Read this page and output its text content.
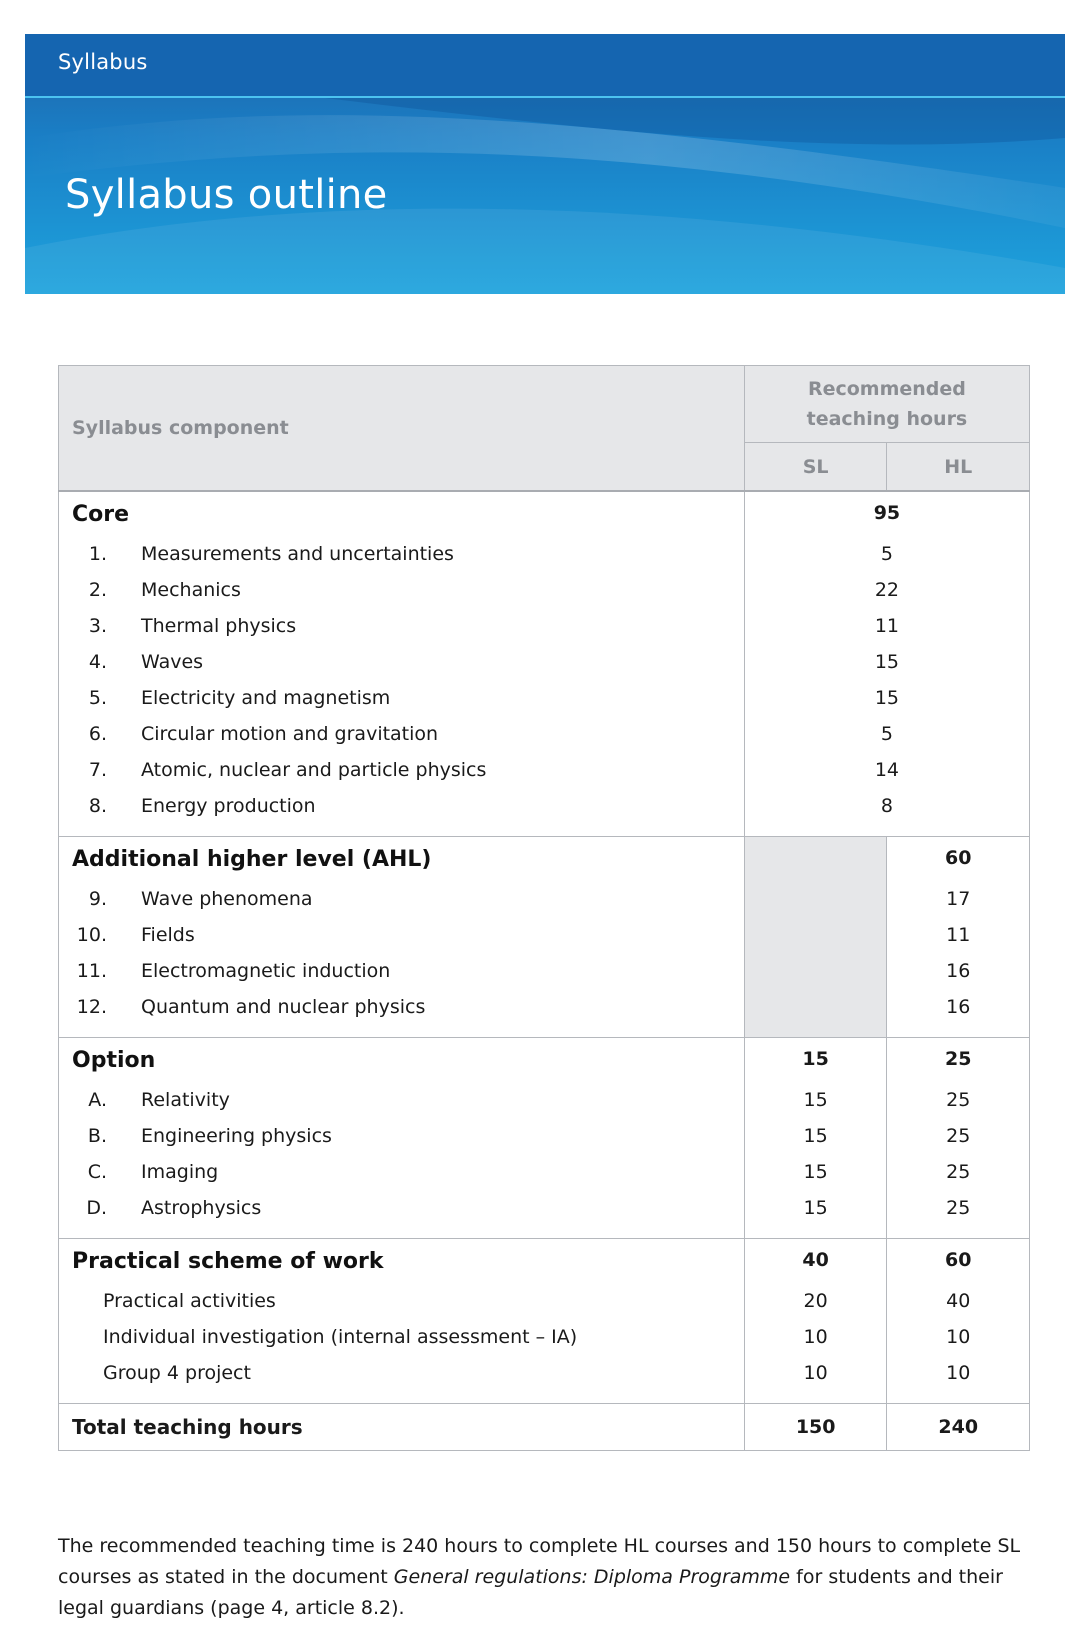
Syllabus
Syllabus outline
Syllabus component	Recommended
teaching hours	
	SL	HL
Core	95	
1. Measurements and uncertainties	5	
2. Mechanics	22	
3. Thermal physics	11	
4. Waves	15	
5. Electricity and magnetism	15	
6. Circular motion and gravitation	5	
7. Atomic, nuclear and particle physics	14	
8. Energy production	8	

Additional higher level (AHL)		60
9. Wave phenomena		17
10. Fields		11
11. Electromagnetic induction		16
12. Quantum and nuclear physics		16

Option	15	25
A. Relativity	15	25
B. Engineering physics	15	25
C. Imaging	15	25
D. Astrophysics	15	25

Practical scheme of work	40	60
Practical activities	20	40
Individual investigation (internal assessment – IA)	10	10
Group 4 project	10	10

Total teaching hours	150	240

The recommended teaching time is 240 hours to complete HL courses and 150 hours to complete SL courses as stated in the document General regulations: Diploma Programme for students and their legal guardians (page 4, article 8.2).
